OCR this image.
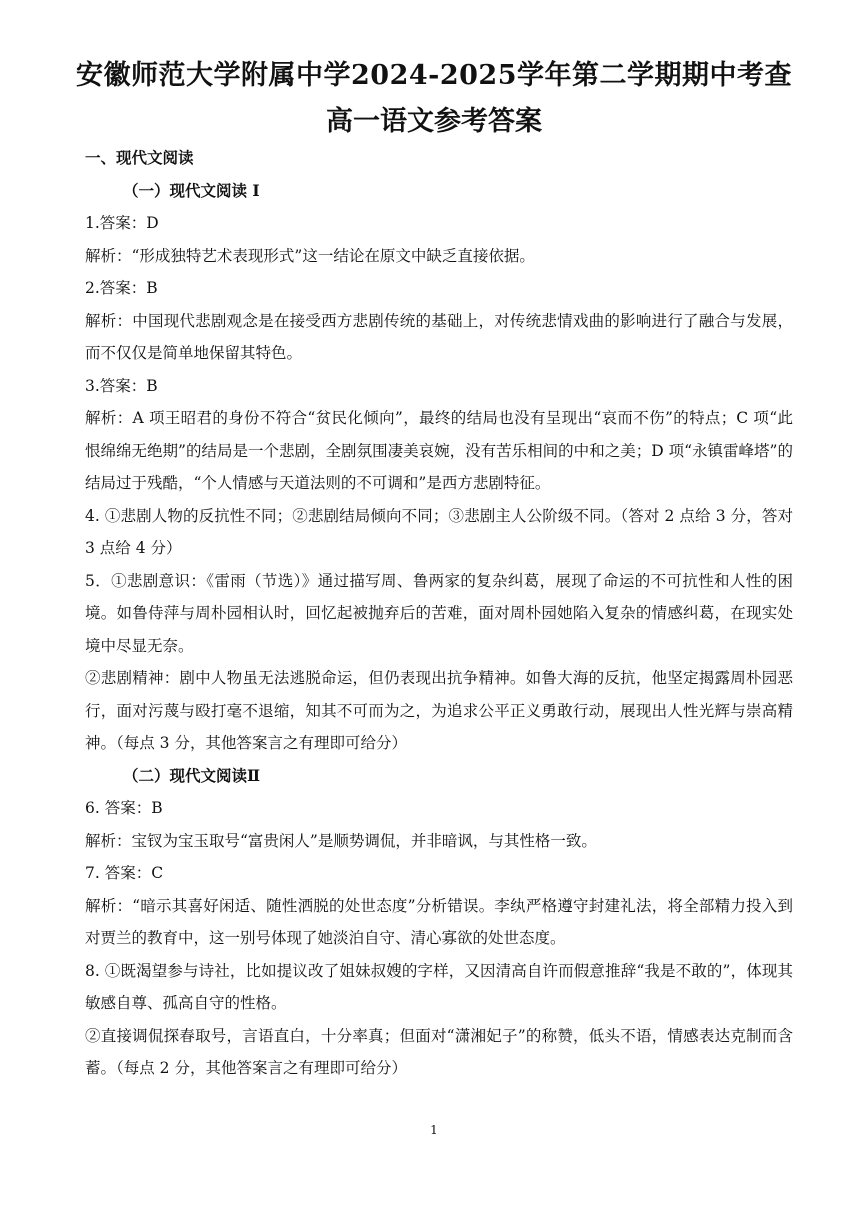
安徽师范大学附属中学2024-2025学年第二学期期中考查
高一语文参考答案

一、现代文阅读

（一）现代文阅读 I

1.答案：D

解析：“形成独特艺术表现形式”这一结论在原文中缺乏直接依据。

2.答案：B

解析：中国现代悲剧观念是在接受西方悲剧传统的基础上，对传统悲情戏曲的影响进行了融合与发展，而不仅仅是简单地保留其特色。

3.答案：B

解析：A 项王昭君的身份不符合“贫民化倾向”，最终的结局也没有呈现出“哀而不伤”的特点；C 项“此恨绵绵无绝期”的结局是一个悲剧，全剧氛围凄美哀婉，没有苦乐相间的中和之美；D 项“永镇雷峰塔”的结局过于残酷，“个人情感与天道法则的不可调和”是西方悲剧特征。

4. ①悲剧人物的反抗性不同；②悲剧结局倾向不同；③悲剧主人公阶级不同。（答对 2 点给 3 分，答对 3 点给 4 分）

5．①悲剧意识：《雷雨（节选）》通过描写周、鲁两家的复杂纠葛，展现了命运的不可抗性和人性的困境。如鲁侍萍与周朴园相认时，回忆起被抛弃后的苦难，面对周朴园她陷入复杂的情感纠葛，在现实处境中尽显无奈。

②悲剧精神：剧中人物虽无法逃脱命运，但仍表现出抗争精神。如鲁大海的反抗，他坚定揭露周朴园恶行，面对污蔑与殴打毫不退缩，知其不可而为之，为追求公平正义勇敢行动，展现出人性光辉与崇高精神。（每点 3 分，其他答案言之有理即可给分）

（二）现代文阅读Ⅱ

6. 答案：B

解析：宝钗为宝玉取号“富贵闲人”是顺势调侃，并非暗讽，与其性格一致。

7. 答案：C

解析：“暗示其喜好闲适、随性洒脱的处世态度”分析错误。李纨严格遵守封建礼法，将全部精力投入到对贾兰的教育中，这一别号体现了她淡泊自守、清心寡欲的处世态度。

8. ①既渴望参与诗社，比如提议改了姐妹叔嫂的字样，又因清高自许而假意推辞“我是不敢的”，体现其敏感自尊、孤高自守的性格。

②直接调侃探春取号，言语直白，十分率真；但面对“潇湘妃子”的称赞，低头不语，情感表达克制而含蓄。（每点 2 分，其他答案言之有理即可给分）

1
